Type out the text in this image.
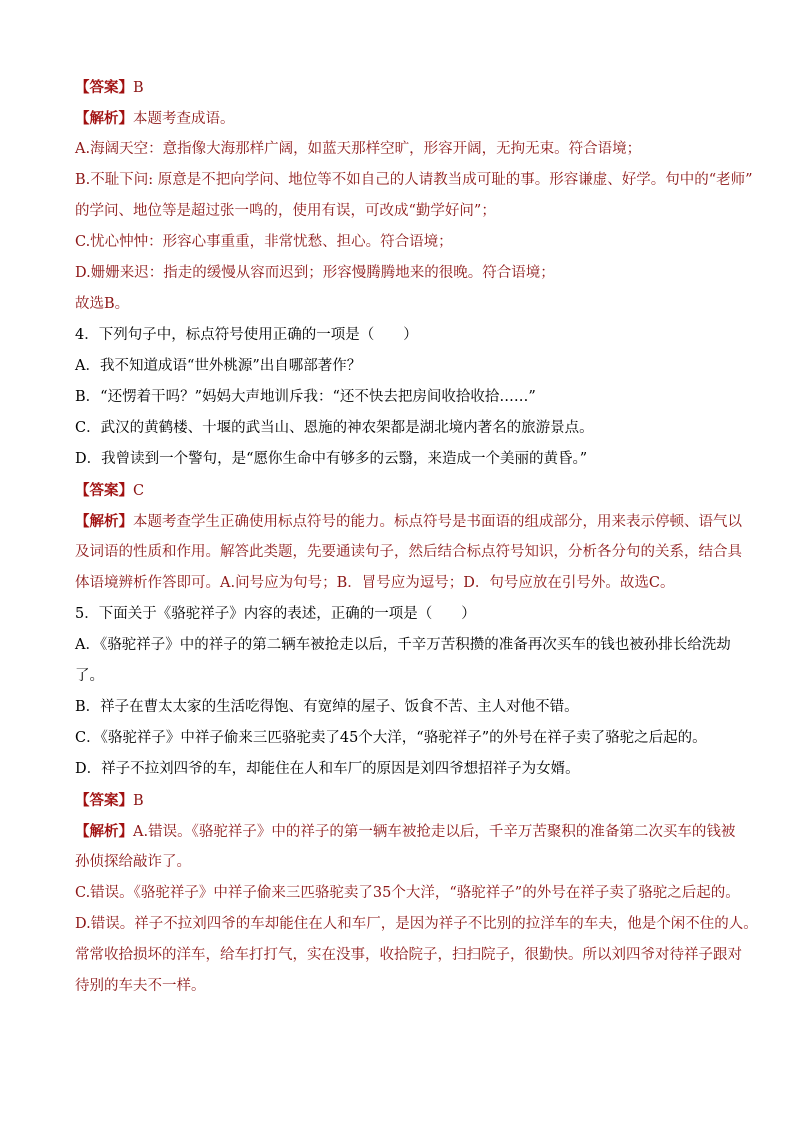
【答案】B

【解析】本题考查成语。

A.海阔天空：意指像大海那样广阔，如蓝天那样空旷，形容开阔，无拘无束。符合语境；

B.不耻下问: 原意是不把向学问、地位等不如自己的人请教当成可耻的事。形容谦虚、好学。句中的“老师”

的学问、地位等是超过张一鸣的，使用有误，可改成“勤学好问”；

C.忧心忡忡：形容心事重重，非常忧愁、担心。符合语境；

D.姗姗来迟：指走的缓慢从容而迟到；形容慢腾腾地来的很晚。符合语境；

故选B。

4．下列句子中，标点符号使用正确的一项是（　　）

A．我不知道成语“世外桃源”出自哪部著作？

B．“还愣着干吗？”妈妈大声地训斥我：“还不快去把房间收拾收拾……”

C．武汉的黄鹤楼、十堰的武当山、恩施的神农架都是湖北境内著名的旅游景点。

D．我曾读到一个警句，是“愿你生命中有够多的云翳，来造成一个美丽的黄昏。”

【答案】C

【解析】本题考查学生正确使用标点符号的能力。标点符号是书面语的组成部分，用来表示停顿、语气以

及词语的性质和作用。解答此类题，先要通读句子，然后结合标点符号知识，分析各分句的关系，结合具

体语境辨析作答即可。A.问号应为句号；B．冒号应为逗号；D．句号应放在引号外。故选C。

5．下面关于《骆驼祥子》内容的表述，正确的一项是（　　）

A．《骆驼祥子》中的祥子的第二辆车被抢走以后，千辛万苦积攒的准备再次买车的钱也被孙排长给洗劫

了。

B．祥子在曹太太家的生活吃得饱、有宽绰的屋子、饭食不苦、主人对他不错。

C．《骆驼祥子》中祥子偷来三匹骆驼卖了45个大洋，“骆驼祥子”的外号在祥子卖了骆驼之后起的。

D．祥子不拉刘四爷的车，却能住在人和车厂的原因是刘四爷想招祥子为女婿。

【答案】B

【解析】A.错误。《骆驼祥子》中的祥子的第一辆车被抢走以后，千辛万苦聚积的准备第二次买车的钱被

孙侦探给敲诈了。

C.错误。《骆驼祥子》中祥子偷来三匹骆驼卖了35个大洋，“骆驼祥子”的外号在祥子卖了骆驼之后起的。

D.错误。祥子不拉刘四爷的车却能住在人和车厂，是因为祥子不比别的拉洋车的车夫，他是个闲不住的人。

常常收拾损坏的洋车，给车打打气，实在没事，收拾院子，扫扫院子，很勤快。所以刘四爷对待祥子跟对

待别的车夫不一样。
